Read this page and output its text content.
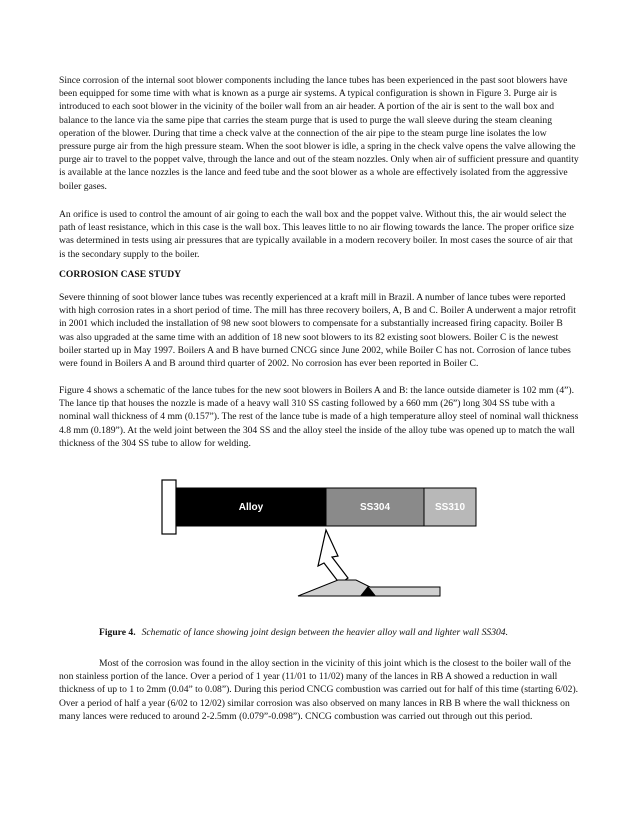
Since corrosion of the internal soot blower components including the lance tubes has been experienced in the past soot blowers have been equipped for some time with what is known as a purge air systems. A typical configuration is shown in Figure 3. Purge air is introduced to each soot blower in the vicinity of the boiler wall from an air header. A portion of the air is sent to the wall box and balance to the lance via the same pipe that carries the steam purge that is used to purge the wall sleeve during the steam cleaning operation of the blower. During that time a check valve at the connection of the air pipe to the steam purge line isolates the low pressure purge air from the high pressure steam. When the soot blower is idle, a spring in the check valve opens the valve allowing the purge air to travel to the poppet valve, through the lance and out of the steam nozzles. Only when air of sufficient pressure and quantity is available at the lance nozzles is the lance and feed tube and the soot blower as a whole are effectively isolated from the aggressive boiler gases.

An orifice is used to control the amount of air going to each the wall box and the poppet valve. Without this, the air would select the path of least resistance, which in this case is the wall box. This leaves little to no air flowing towards the lance. The proper orifice size was determined in tests using air pressures that are typically available in a modern recovery boiler. In most cases the source of air that is the secondary supply to the boiler.

CORROSION CASE STUDY

Severe thinning of soot blower lance tubes was recently experienced at a kraft mill in Brazil. A number of lance tubes were reported with high corrosion rates in a short period of time. The mill has three recovery boilers, A, B and C. Boiler A underwent a major retrofit in 2001 which included the installation of 98 new soot blowers to compensate for a substantially increased firing capacity. Boiler B was also upgraded at the same time with an addition of 18 new soot blowers to its 82 existing soot blowers. Boiler C is the newest boiler started up in May 1997. Boilers A and B have burned CNCG since June 2002, while Boiler C has not. Corrosion of lance tubes were found in Boilers A and B around third quarter of 2002. No corrosion has ever been reported in Boiler C.

Figure 4 shows a schematic of the lance tubes for the new soot blowers in Boilers A and B: the lance outside diameter is 102 mm (4”). The lance tip that houses the nozzle is made of a heavy wall 310 SS casting followed by a 660 mm (26”) long 304 SS tube with a nominal wall thickness of 4 mm (0.157”). The rest of the lance tube is made of a high temperature alloy steel of nominal wall thickness 4.8 mm (0.189”). At the weld joint between the 304 SS and the alloy steel the inside of the alloy tube was opened up to match the wall thickness of the 304 SS tube to allow for welding.

Alloy	SS304	SS310

Figure 4. Schematic of lance showing joint design between the heavier alloy wall and lighter wall SS304.

Most of the corrosion was found in the alloy section in the vicinity of this joint which is the closest to the boiler wall of the non stainless portion of the lance. Over a period of 1 year (11/01 to 11/02) many of the lances in RB A showed a reduction in wall thickness of up to 1 to 2mm (0.04” to 0.08”). During this period CNCG combustion was carried out for half of this time (starting 6/02). Over a period of half a year (6/02 to 12/02) similar corrosion was also observed on many lances in RB B where the wall thickness on many lances were reduced to around 2-2.5mm (0.079”-0.098”). CNCG combustion was carried out through out this period.
